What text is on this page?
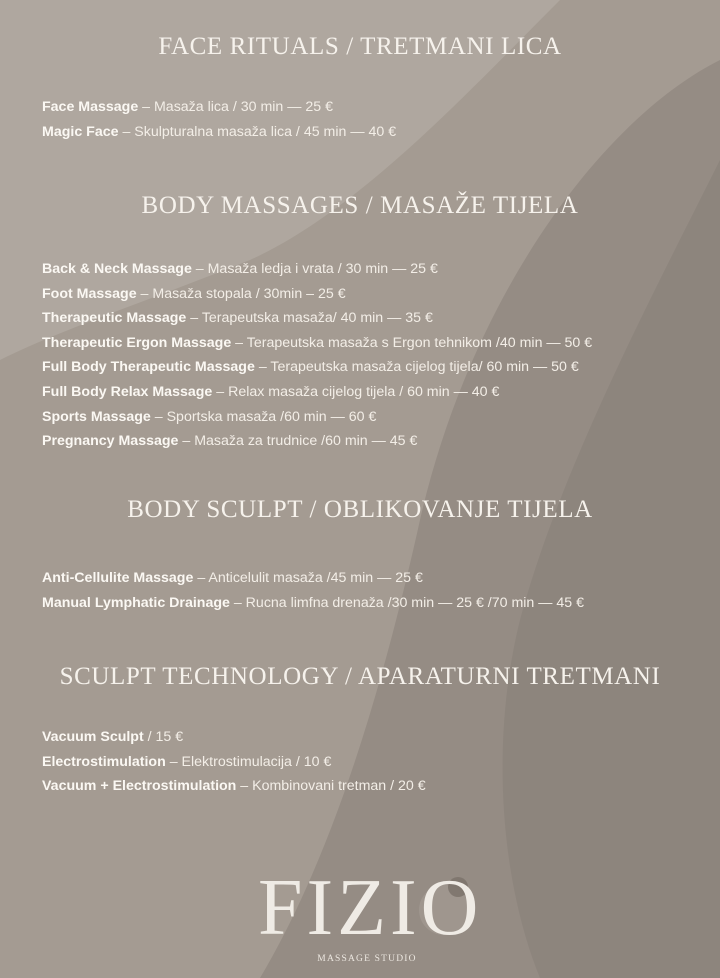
FACE RITUALS / TRETMANI LICA
Face Massage – Masaža lica / 30 min — 25 €
Magic Face – Skulpturalna masaža lica / 45 min — 40 €
BODY MASSAGES / MASAŽE TIJELA
Back & Neck Massage – Masaža ledja i vrata / 30 min — 25 €
Foot Massage – Masaža stopala / 30min – 25 €
Therapeutic Massage – Terapeutska masaža/ 40 min — 35 €
Therapeutic Ergon Massage – Terapeutska masaža s Ergon tehnikom /40 min — 50 €
Full Body Therapeutic Massage – Terapeutska masaža cijelog tijela/ 60 min — 50 €
Full Body Relax Massage – Relax masaža cijelog tijela / 60 min — 40 €
Sports Massage – Sportska masaža /60 min — 60 €
Pregnancy Massage – Masaža za trudnice /60 min — 45 €
BODY SCULPT / OBLIKOVANJE TIJELA
Anti-Cellulite Massage – Anticelulit masaža /45 min — 25 €
Manual Lymphatic Drainage – Rucna limfna drenaža /30 min — 25 € /70 min — 45 €
SCULPT TECHNOLOGY / APARATURNI TRETMANI
Vacuum Sculpt / 15 €
Electrostimulation – Elektrostimulacija / 10 €
Vacuum + Electrostimulation – Kombinovani tretman / 20 €
FIZIO
MASSAGE STUDIO
